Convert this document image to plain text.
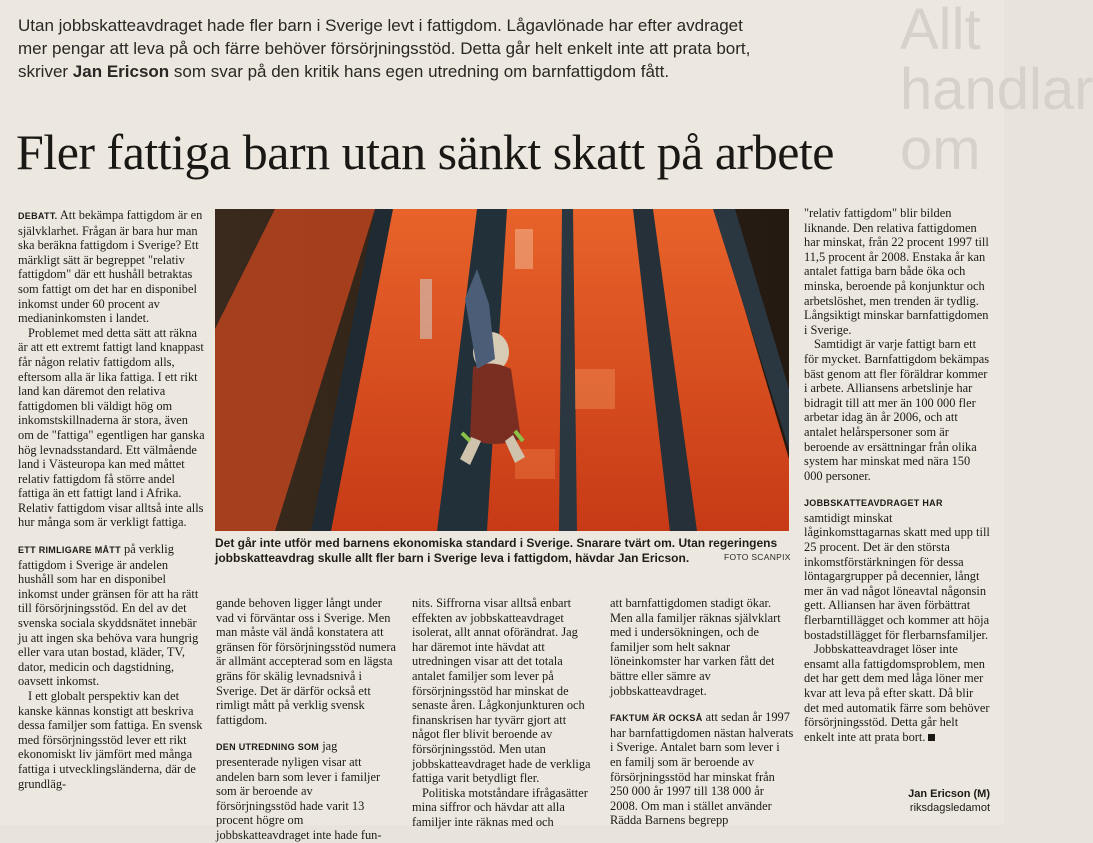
Allt handlar om
Utan jobbskatteavdraget hade fler barn i Sverige levt i fattigdom. Lågavlönade har efter avdraget
mer pengar att leva på och färre behöver försörjningsstöd. Detta går helt enkelt inte att prata bort,
skriver Jan Ericson som svar på den kritik hans egen utredning om barnfattigdom fått.
Fler fattiga barn utan sänkt skatt på arbete

DEBATT. Att bekämpa fattigdom är en självklarhet. Frågan är bara hur man ska beräkna fattigdom i Sverige? Ett märkligt sätt är begreppet "relativ fattigdom" där ett hushåll betraktas som fattigt om det har en disponibel inkomst under 60 procent av medianinkomsten i landet.

Problemet med detta sätt att räkna är att ett extremt fattigt land knappast får någon relativ fattigdom alls, eftersom alla är lika fattiga. I ett rikt land kan däremot den relativa fattigdomen bli väldigt hög om inkomstskillnaderna är stora, även om de "fattiga" egentligen har ganska hög levnadsstandard. Ett välmående land i Västeuropa kan med måttet relativ fattigdom få större andel fattiga än ett fattigt land i Afrika. Relativ fattigdom visar alltså inte alls hur många som är verkligt fattiga.

ETT RIMLIGARE MÅTT på verklig fattigdom i Sverige är andelen hushåll som har en disponibel inkomst under gränsen för att ha rätt till försörjningsstöd. En del av det svenska sociala skyddsnätet innebär ju att ingen ska behöva vara hungrig eller vara utan bostad, kläder, TV, dator, medicin och dagstidning, oavsett inkomst.

I ett globalt perspektiv kan det kanske kännas konstigt att beskriva dessa familjer som fattiga. En svensk med försörjningsstöd lever ett rikt ekonomiskt liv jämfört med många fattiga i utvecklingsländerna, där de grundläg-

Det går inte utför med barnens ekonomiska standard i Sverige. Snarare tvärt om. Utan regeringens jobbskatteavdrag skulle allt fler barn i Sverige leva i fattigdom, hävdar Jan Ericson.	FOTO SCANPIX

gande behoven ligger långt under vad vi förväntar oss i Sverige. Men man måste väl ändå konstatera att gränsen för försörjningsstöd numera är allmänt accepterad som en lägsta gräns för skälig levnadsnivå i Sverige. Det är därför också ett rimligt mått på verklig svensk fattigdom.

DEN UTREDNING SOM jag presenterade nyligen visar att andelen barn som lever i familjer som är beroende av försörjningsstöd hade varit 13 procent högre om jobbskatteavdraget inte hade fun-

nits. Siffrorna visar alltså enbart effekten av jobbskatteavdraget isolerat, allt annat oförändrat. Jag har däremot inte hävdat att utredningen visar att det totala antalet familjer som lever på försörjningsstöd har minskat de senaste åren. Lågkonjunkturen och finanskrisen har tyvärr gjort att något fler blivit beroende av försörjningsstöd. Men utan jobbskatteavdraget hade de verkliga fattiga varit betydligt fler.

Politiska motståndare ifrågasätter mina siffror och hävdar att alla familjer inte räknas med och

att barnfattigdomen stadigt ökar. Men alla familjer räknas självklart med i undersökningen, och de familjer som helt saknar löneinkomster har varken fått det bättre eller sämre av jobbskatteavdraget.

FAKTUM ÄR OCKSÅ att sedan år 1997 har barnfattigdomen nästan halverats i Sverige. Antalet barn som lever i en familj som är beroende av försörjningsstöd har minskat från 250 000 år 1997 till 138 000 år 2008. Om man i stället använder Rädda Barnens begrepp

"relativ fattigdom" blir bilden liknande. Den relativa fattigdomen har minskat, från 22 procent 1997 till 11,5 procent år 2008. Enstaka år kan antalet fattiga barn både öka och minska, beroende på konjunktur och arbetslöshet, men trenden är tydlig. Långsiktigt minskar barnfattigdomen i Sverige.

Samtidigt är varje fattigt barn ett för mycket. Barnfattigdom bekämpas bäst genom att fler föräldrar kommer i arbete. Alliansens arbetslinje har bidragit till att mer än 100 000 fler arbetar idag än år 2006, och att antalet helårspersoner som är beroende av ersättningar från olika system har minskat med nära 150 000 personer.

JOBBSKATTEAVDRAGET HAR samtidigt minskat låginkomsttagarnas skatt med upp till 25 procent. Det är den största inkomstförstärkningen för dessa löntagargrupper på decennier, långt mer än vad något löneavtal någonsin gett. Alliansen har även förbättrat flerbarntillägget och kommer att höja bostadstillägget för flerbarnsfamiljer.

Jobbskatteavdraget löser inte ensamt alla fattigdomsproblem, men det har gett dem med låga löner mer kvar att leva på efter skatt. Då blir det med automatik färre som behöver försörjningsstöd. Detta går helt enkelt inte att prata bort.

Jan Ericson (M)
riksdagsledamot
